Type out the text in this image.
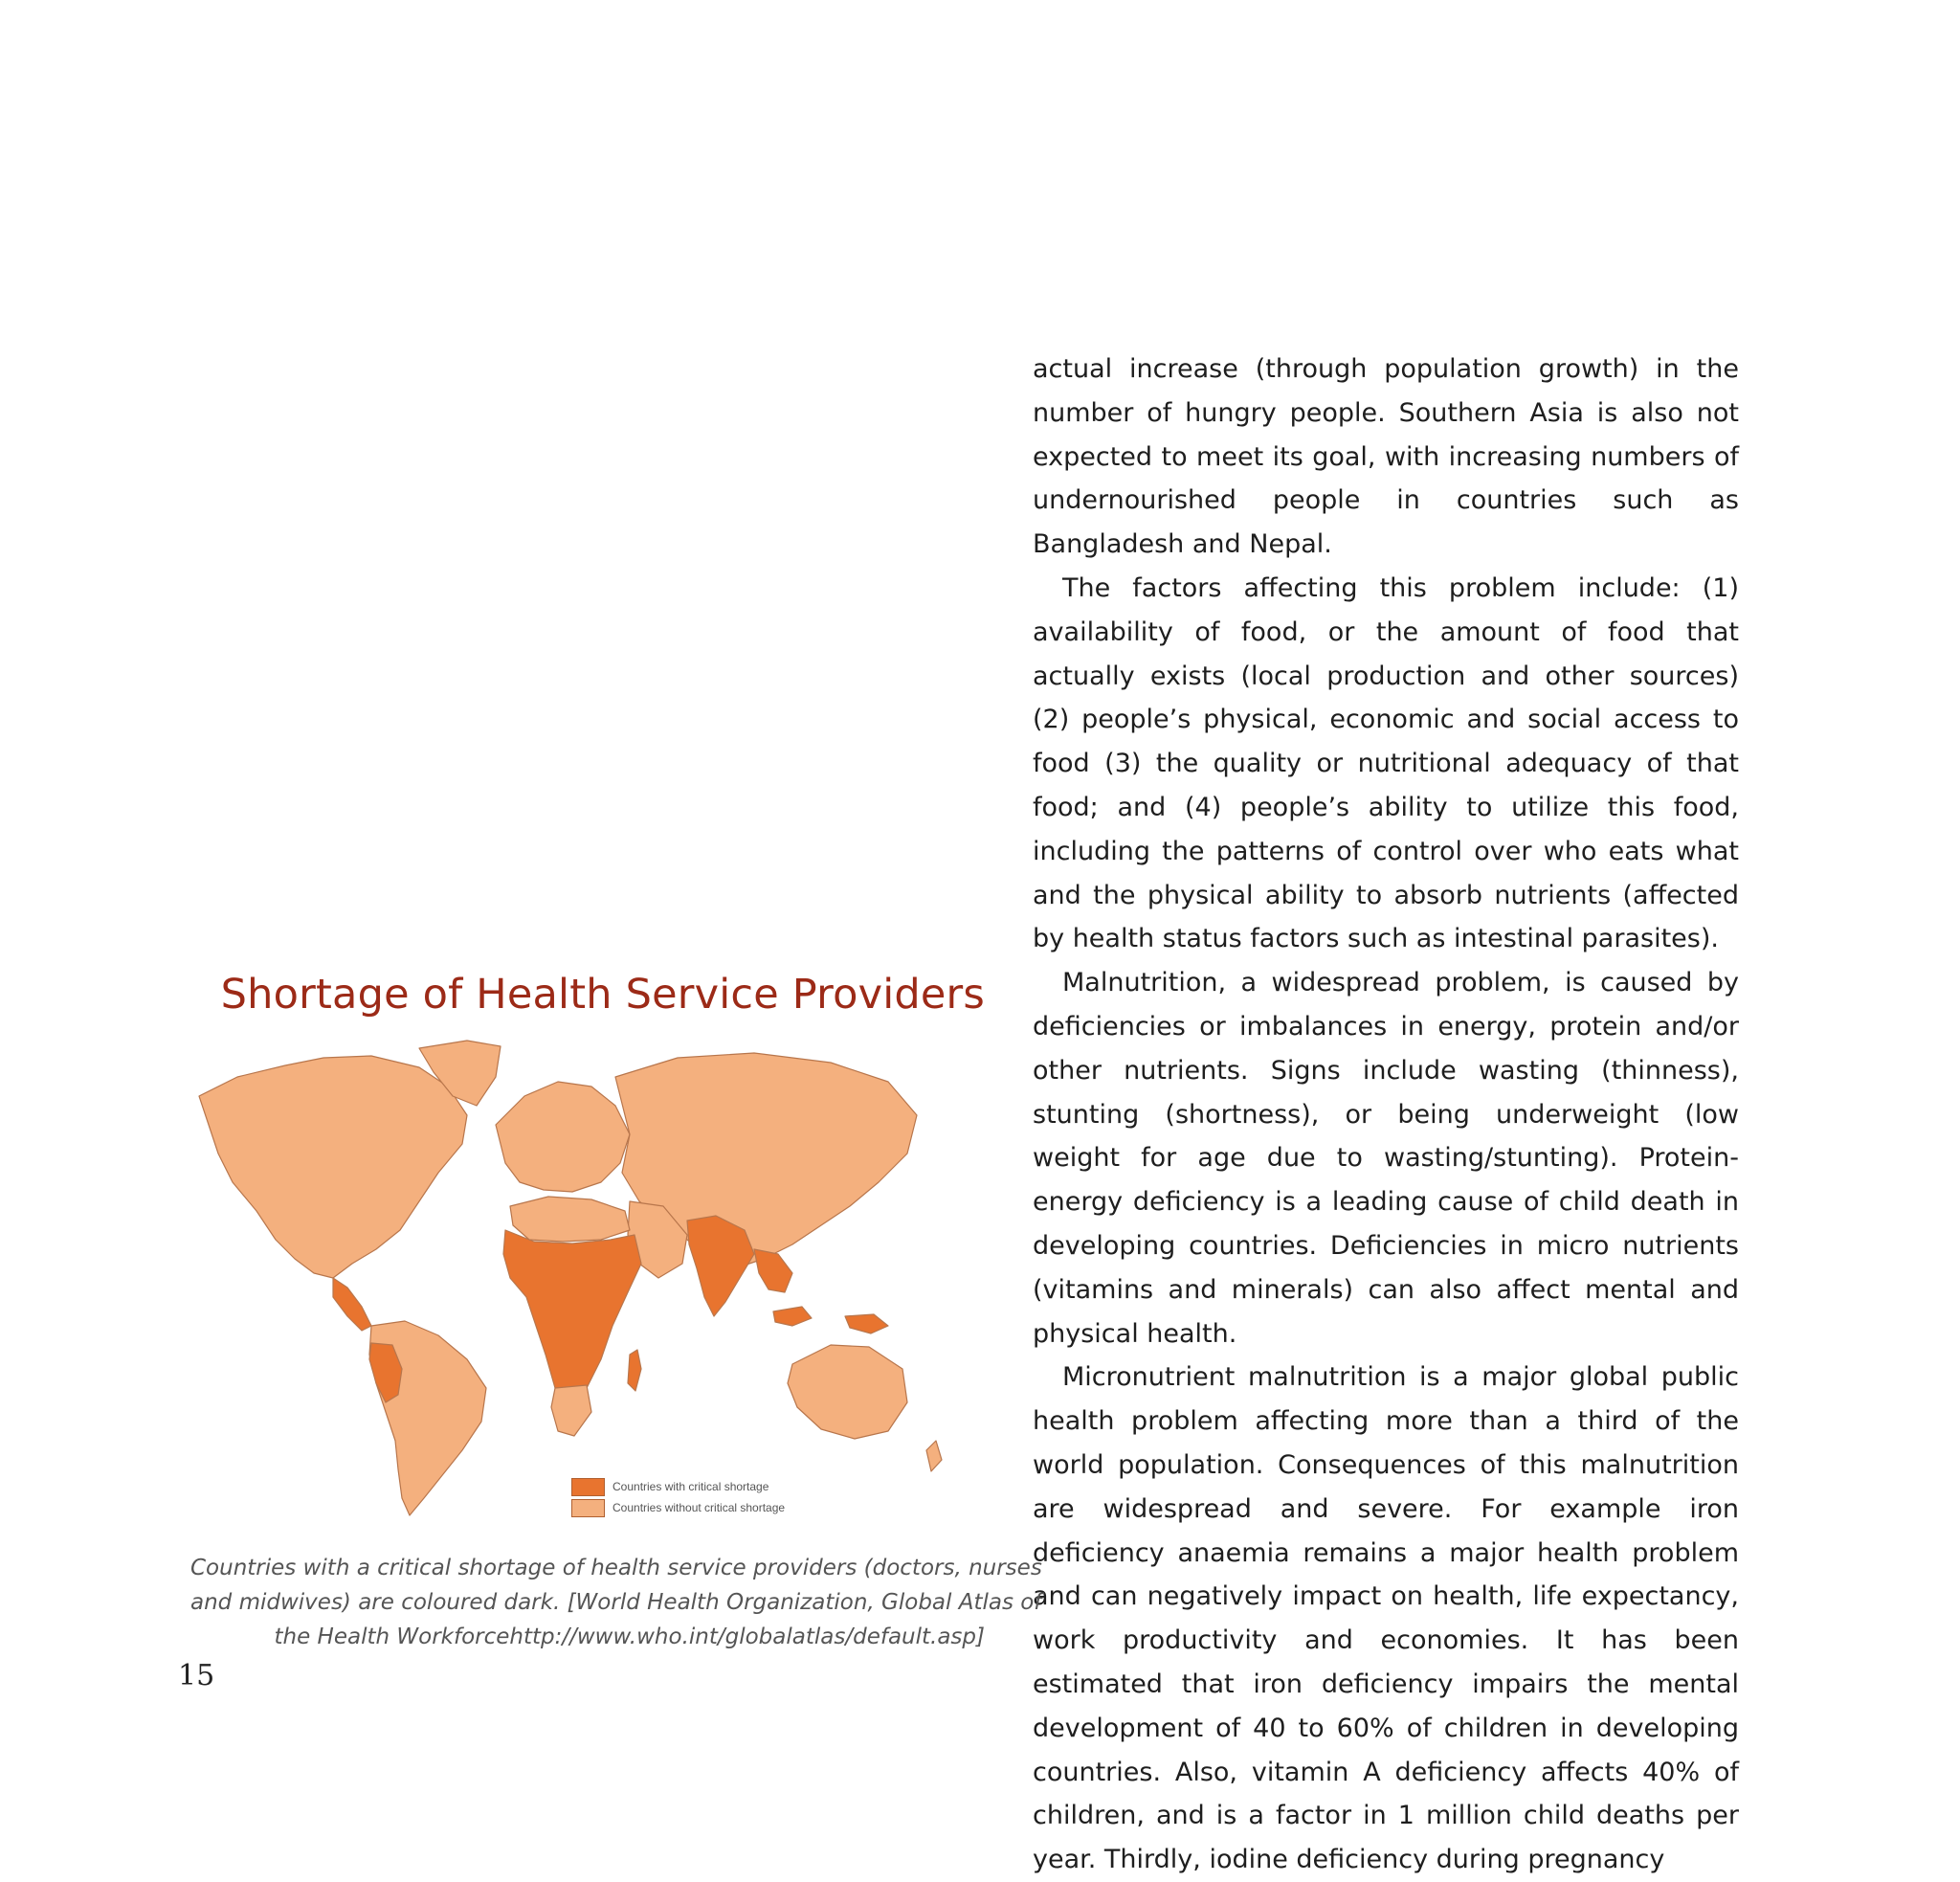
actual increase (through population growth) in the number of hungry people. Southern Asia is also not expected to meet its goal, with increasing numbers of undernourished people in countries such as Bangladesh and Nepal.

The factors affecting this problem include: (1) availability of food, or the amount of food that actually exists (local production and other sources) (2) people’s physical, economic and social access to food (3) the quality or nutritional adequacy of that food; and (4) people’s ability to utilize this food, including the patterns of control over who eats what and the physical ability to absorb nutrients (affected by health status factors such as intestinal parasites).

Malnutrition, a widespread problem, is caused by deficiencies or imbalances in energy, protein and/or other nutrients. Signs include wasting (thinness), stunting (shortness), or being underweight (low weight for age due to wasting/stunting). Protein-energy deficiency is a leading cause of child death in developing countries. Deficiencies in micro nutrients (vitamins and minerals) can also affect mental and physical health.

Micronutrient malnutrition is a major global public health problem affecting more than a third of the world population. Consequences of this malnutrition are widespread and severe. For example iron deficiency anaemia remains a major health problem and can negatively impact on health, life expectancy, work productivity and economies. It has been estimated that iron deficiency impairs the mental development of 40 to 60% of children in developing countries. Also, vitamin A deficiency affects 40% of children, and is a factor in 1 million child deaths per year. Thirdly, iodine deficiency during pregnancy

Shortage of Health Service Providers
Countries with critical shortage
Countries without critical shortage
Countries with a critical shortage of health service providers (doctors, nurses
and midwives) are coloured dark. [World Health Organization, Global Atlas of
the Health Workforcehttp://www.who.int/globalatlas/default.asp]
15
